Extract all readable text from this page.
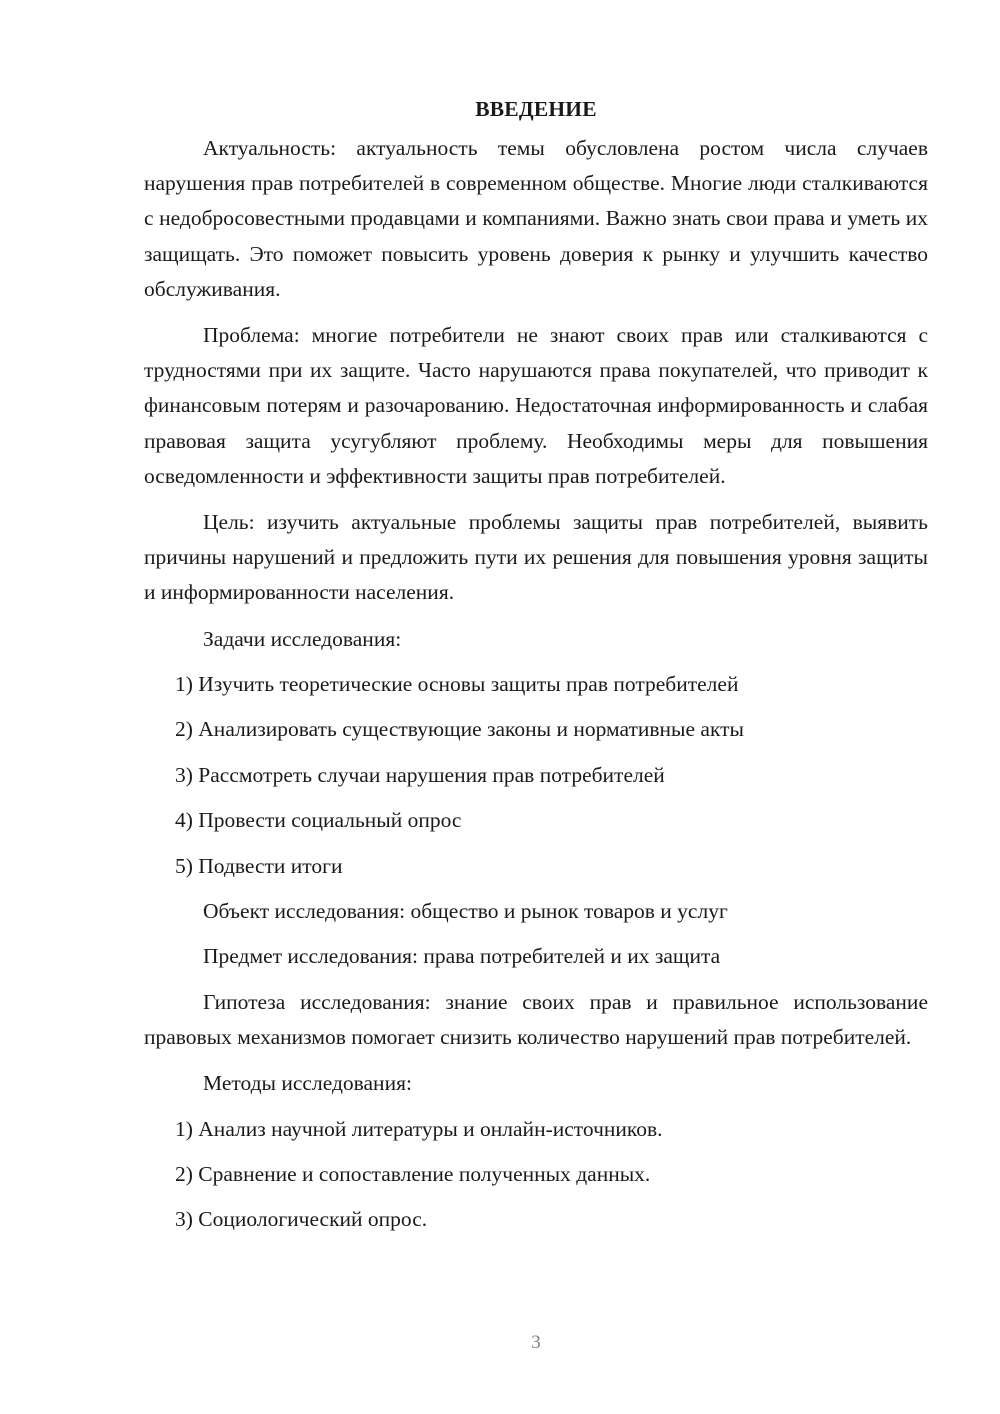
ВВЕДЕНИЕ

Актуальность: актуальность темы обусловлена ростом числа случаев нарушения прав потребителей в современном обществе. Многие люди сталкиваются с недобросовестными продавцами и компаниями. Важно знать свои права и уметь их защищать. Это поможет повысить уровень доверия к рынку и улучшить качество обслуживания.

Проблема: многие потребители не знают своих прав или сталкиваются с трудностями при их защите. Часто нарушаются права покупателей, что приводит к финансовым потерям и разочарованию. Недостаточная информированность и слабая правовая защита усугубляют проблему. Необходимы меры для повышения осведомленности и эффективности защиты прав потребителей.

Цель: изучить актуальные проблемы защиты прав потребителей, выявить причины нарушений и предложить пути их решения для повышения уровня защиты и информированности населения.

Задачи исследования:

1) Изучить теоретические основы защиты прав потребителей

2) Анализировать существующие законы и нормативные акты

3) Рассмотреть случаи нарушения прав потребителей

4) Провести социальный опрос

5) Подвести итоги

Объект исследования: общество и рынок товаров и услуг

Предмет исследования: права потребителей и их защита

Гипотеза исследования: знание своих прав и правильное использование правовых механизмов помогает снизить количество нарушений прав потребителей.

Методы исследования:

1) Анализ научной литературы и онлайн-источников.

2) Сравнение и сопоставление полученных данных.

3) Социологический опрос.

3
